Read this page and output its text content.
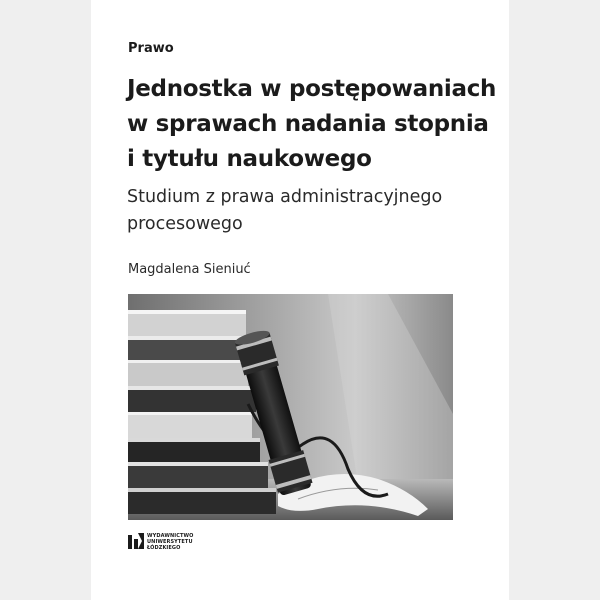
Prawo
Jednostka w postępowaniach
w sprawach nadania stopnia
i tytułu naukowego
Studium z prawa administracyjnego
procesowego
Magdalena Sieniuć
WYDAWNICTWO
UNIWERSYTETU
ŁÓDZKIEGO
